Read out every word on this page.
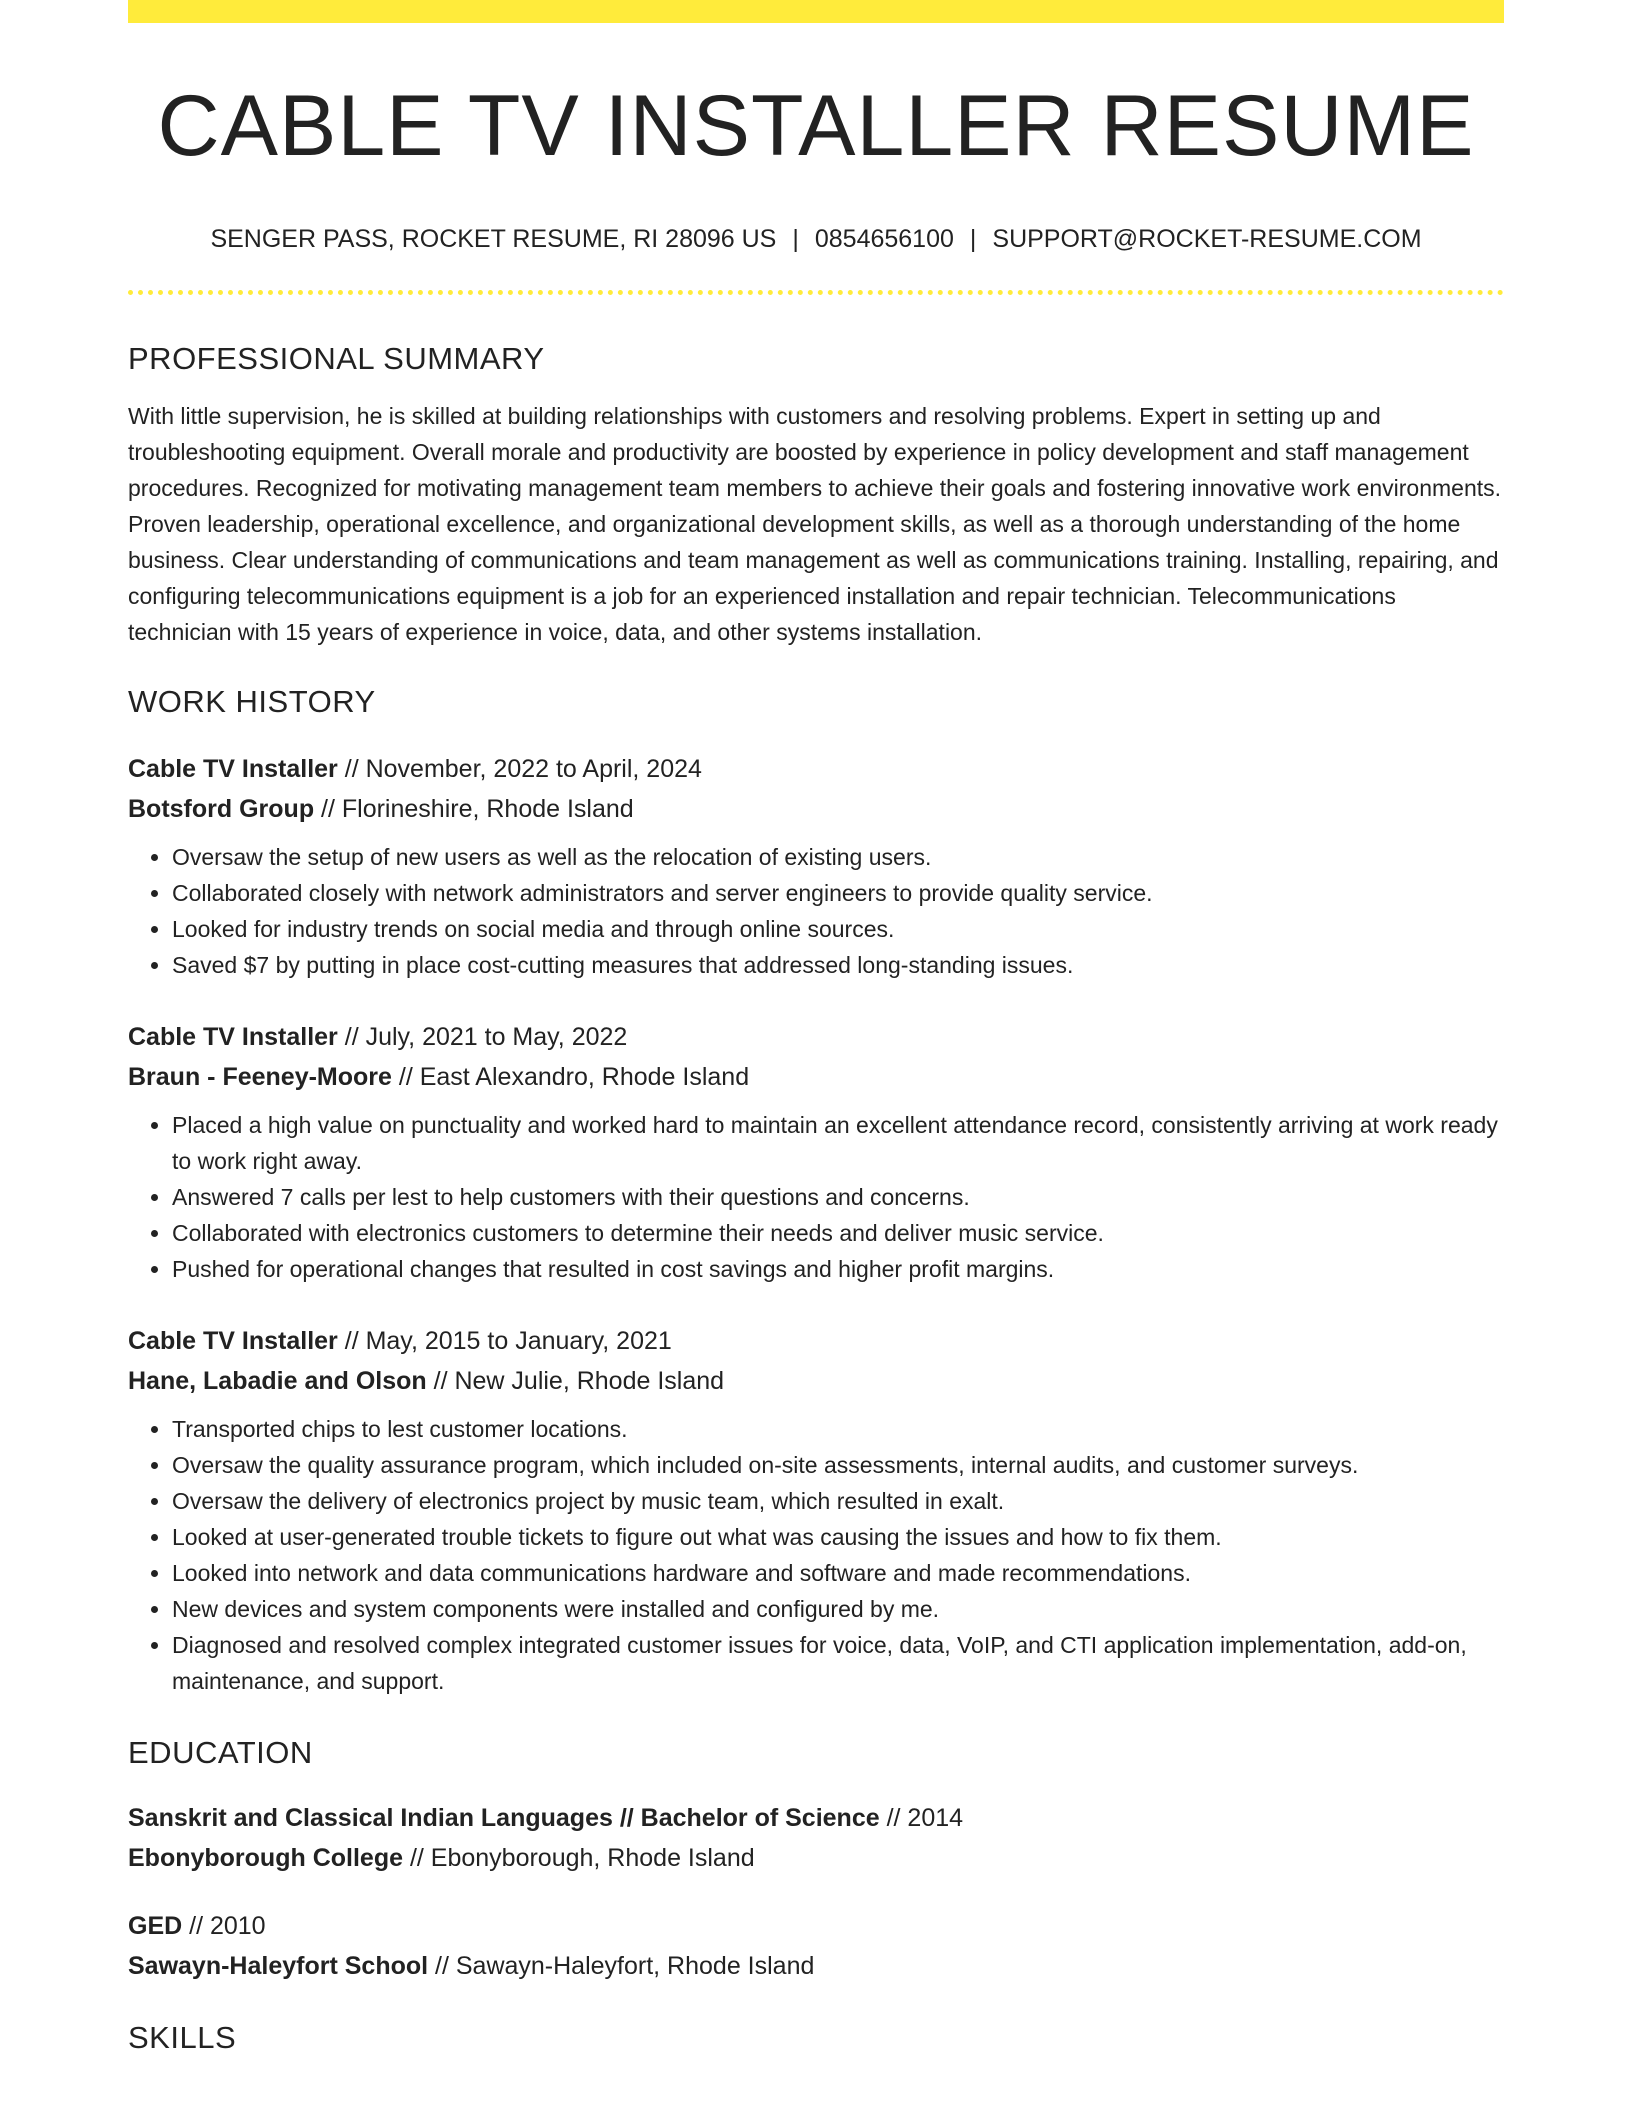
CABLE TV INSTALLER RESUME
SENGER PASS, ROCKET RESUME, RI 28096 US | 0854656100 | SUPPORT@ROCKET-RESUME.COM
PROFESSIONAL SUMMARY
With little supervision, he is skilled at building relationships with customers and resolving problems. Expert in setting up and troubleshooting equipment. Overall morale and productivity are boosted by experience in policy development and staff management procedures. Recognized for motivating management team members to achieve their goals and fostering innovative work environments. Proven leadership, operational excellence, and organizational development skills, as well as a thorough understanding of the home business. Clear understanding of communications and team management as well as communications training. Installing, repairing, and configuring telecommunications equipment is a job for an experienced installation and repair technician. Telecommunications technician with 15 years of experience in voice, data, and other systems installation.
WORK HISTORY
Cable TV Installer // November, 2022 to April, 2024
Botsford Group // Florineshire, Rhode Island
• Oversaw the setup of new users as well as the relocation of existing users.
• Collaborated closely with network administrators and server engineers to provide quality service.
• Looked for industry trends on social media and through online sources.
• Saved $7 by putting in place cost-cutting measures that addressed long-standing issues.
Cable TV Installer // July, 2021 to May, 2022
Braun - Feeney-Moore // East Alexandro, Rhode Island
• Placed a high value on punctuality and worked hard to maintain an excellent attendance record, consistently arriving at work ready to work right away.
• Answered 7 calls per lest to help customers with their questions and concerns.
• Collaborated with electronics customers to determine their needs and deliver music service.
• Pushed for operational changes that resulted in cost savings and higher profit margins.
Cable TV Installer // May, 2015 to January, 2021
Hane, Labadie and Olson // New Julie, Rhode Island
• Transported chips to lest customer locations.
• Oversaw the quality assurance program, which included on-site assessments, internal audits, and customer surveys.
• Oversaw the delivery of electronics project by music team, which resulted in exalt.
• Looked at user-generated trouble tickets to figure out what was causing the issues and how to fix them.
• Looked into network and data communications hardware and software and made recommendations.
• New devices and system components were installed and configured by me.
• Diagnosed and resolved complex integrated customer issues for voice, data, VoIP, and CTI application implementation, add-on, maintenance, and support.
EDUCATION
Sanskrit and Classical Indian Languages // Bachelor of Science // 2014
Ebonyborough College // Ebonyborough, Rhode Island
GED // 2010
Sawayn-Haleyfort School // Sawayn-Haleyfort, Rhode Island
SKILLS
